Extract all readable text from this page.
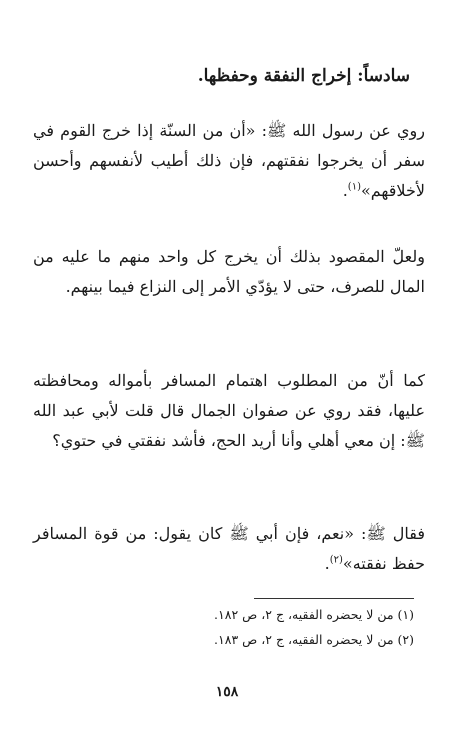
سادساً: إخراج النفقة وحفظها.

روي عن رسول الله ﷺ: «أن من السنّة إذا خرج القوم في سفر أن يخرجوا نفقتهم، فإن ذلك أطيب لأنفسهم وأحسن لأخلاقهم»$^{(١)}$.

ولعلّ المقصود بذلك أن يخرج كل واحد منهم ما عليه من المال للصرف، حتى لا يؤدّي الأمر إلى النزاع فيما بينهم.

كما أنّ من المطلوب اهتمام المسافر بأمواله ومحافظته عليها، فقد روي عن صفوان الجمال قال قلت لأبي عبد الله ﷺ: إن معي أهلي وأنا أريد الحج، فأشد نفقتي في حتوي؟

فقال ﷺ: «نعم، فإن أبي ﷺ كان يقول: من قوة المسافر حفظ نفقته»$^{(٢)}$.

(١) من لا يحضره الفقيه، ج ٢، ص ١٨٢.

(٢) من لا يحضره الفقيه، ج ٢، ص ١٨٣.

١٥٨
